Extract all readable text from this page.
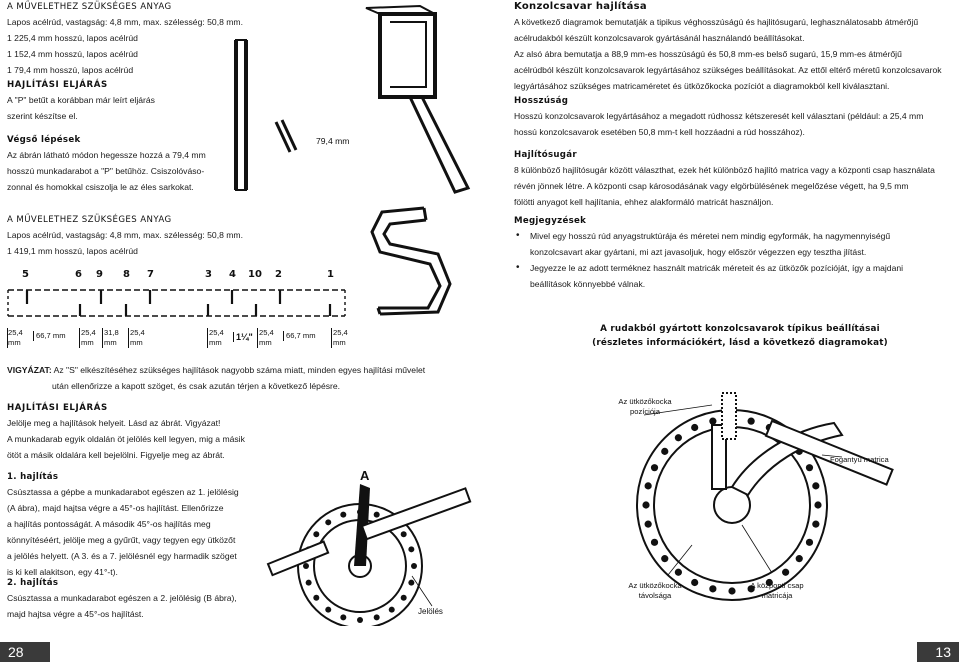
A MŰVELETHEZ SZÜKSÉGES ANYAG
Lapos acélrúd, vastagság: 4,8 mm, max. szélesség: 50,8 mm.
1 225,4 mm hosszú, lapos acélrúd
1 152,4 mm hosszú, lapos acélrúd
1 79,4 mm hosszú, lapos acélrúd
HAJLÍTÁSI ELJÁRÁS
A "P" betűt a korábban már leírt eljárás
szerint készítse el.
Végső lépések
Az ábrán látható módon hegessze hozzá a 79,4 mm
hosszú munkadarabot a "P" betűhöz. Csiszolóváso-
zonnal és homokkal csiszolja le az éles sarkokat.
79,4 mm
A MŰVELETHEZ SZÜKSÉGES ANYAG
Lapos acélrúd, vastagság: 4,8 mm, max. szélesség: 50,8 mm.
1 419,1 mm hosszú, lapos acélrúd
5	6 9 8 7	3 4 10 2	1
25,4 mm
66,7 mm 25,4 mm
31,8 mm
25,4 mm
25,4 mm
1¼" 25,4 mm
66,7 mm 25,4 mm
VIGYÁZAT: Az "S" elkészítéséhez szükséges hajlítások nagyobb száma miatt, minden egyes hajlítási művelet
után ellenőrizze a kapott szöget, és csak azután térjen a következő lépésre.
HAJLÍTÁSI ELJÁRÁS
Jelölje meg a hajlítások helyeit. Lásd az ábrát. Vigyázat!
A munkadarab egyik oldalán öt jelölés kell legyen, mig a másik
ötöt a másik oldalára kell bejelölni. Figyelje meg az ábrát.
1. hajlítás
Csúsztassa a gépbe a munkadarabot egészen az 1. jelölésig
(A ábra), majd hajtsa végre a 45°-os hajlítást. Ellenőrizze
a hajlítás pontosságát. A második 45°-os hajlítás meg
könnyítéséért, jelölje meg a gyűrűt, vagy tegyen egy ütközőt
a jelölés helyett. (A 3. és a 7. jelölésnél egy harmadik szöget
is ki kell alakitson, egy 41°-t).
2. hajlítás
Csúsztassa a munkadarabot egészen a 2. jelölésig (B ábra),
majd hajtsa végre a 45°-os hajlítást.
A
Jelölés
28
Konzolcsavar hajlítása
A következő diagramok bemutatják a tipikus véghosszúságú és hajlitósugarú, leghasználatosabb átmérőjű
acélrudakból készült konzolcsavarok gyártásánál használandó beállításokat.
Az alsó ábra bemutatja a 88,9 mm-es hosszúságú és 50,8 mm-es belső sugarú, 15,9 mm-es átmérőjű
acélrúdból készült konzolcsavarok legyártásához szükséges beállításokat. Az ettől eltérő méretű konzolcsavarok
legyártásához szükséges matricaméretet és ütközőkocka pozíciót a diagramokból kell kiválasztani.
Hosszúság
Hosszú konzolcsavarok legyártásához a megadott rúdhossz kétszeresét kell választani (például: a 25,4 mm
hossú konzolcsavarok esetében 50,8 mm-t kell hozzáadni a rúd hosszához).
Hajlítósugár
8 különböző hajlítósugár között választhat, ezek hét különböző hajlító matrica vagy a központi csap használata
révén jönnek létre. A központi csap károsodásának vagy elgörbülésének megelőzése végett, ha 9,5 mm
fölötti anyagot kell hajlítania, ehhez alakformáló matricát használjon.
Megjegyzések
• Mivel egy hosszú rúd anyagstruktúrája és méretei nem mindig egyformák, ha nagymennyiségű
konzolcsavart akar gyártani, mi azt javasoljuk, hogy először végezzen egy tesztha jlítást.
• Jegyezze le az adott terméknez használt matricák méreteit és az ütközők pozícióját, így a majdani
beállítások könnyebbé válnak.
A rudakból gyártott konzolcsavarok típikus beállításai
(részletes információkért, lásd a következő diagramokat)
Az ütközőkocka pozíciója
Fogantyú matrica
Az ütközőkocka távolsága
A központi csap matricája
13
